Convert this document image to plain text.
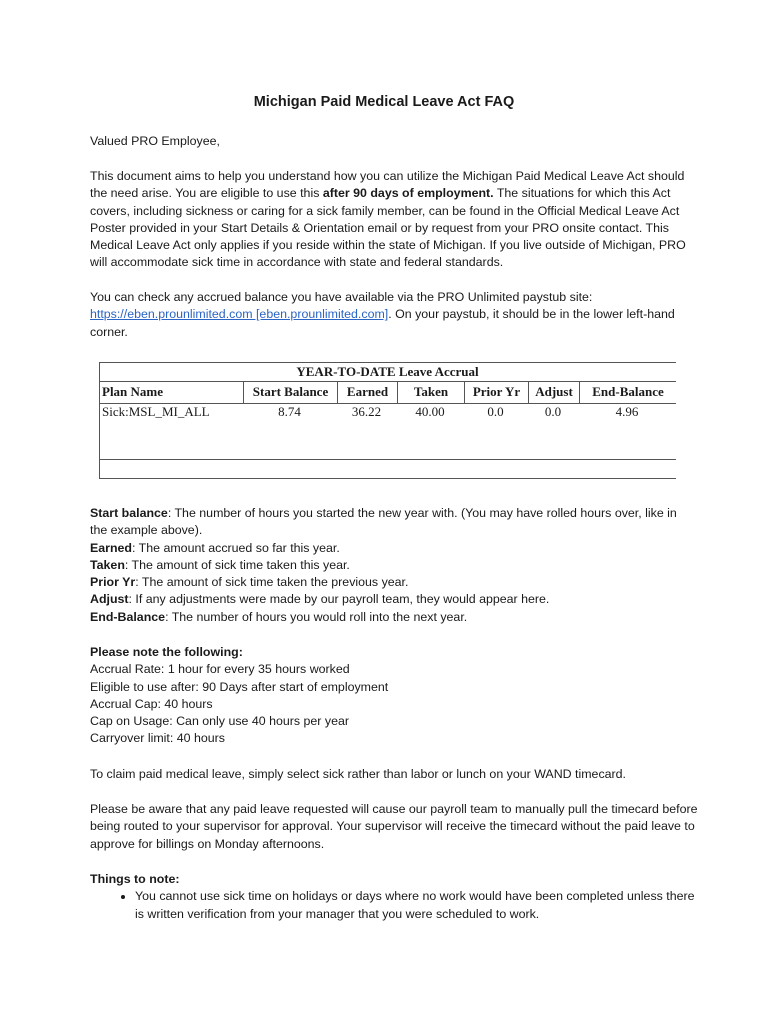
Michigan Paid Medical Leave Act FAQ

Valued PRO Employee,

This document aims to help you understand how you can utilize the Michigan Paid Medical Leave Act should the need arise. You are eligible to use this after 90 days of employment. The situations for which this Act covers, including sickness or caring for a sick family member, can be found in the Official Medical Leave Act Poster provided in your Start Details & Orientation email or by request from your PRO onsite contact. This Medical Leave Act only applies if you reside within the state of Michigan. If you live outside of Michigan, PRO will accommodate sick time in accordance with state and federal standards.

You can check any accrued balance you have available via the PRO Unlimited paystub site: https://eben.prounlimited.com [eben.prounlimited.com]. On your paystub, it should be in the lower left-hand corner.

YEAR-TO-DATE Leave Accrual
Plan Name	Start Balance	Earned	Taken	Prior Yr	Adjust	End-Balance
Sick:MSL_MI_ALL	8.74	36.22	40.00	0.0	0.0	4.96

Start balance: The number of hours you started the new year with. (You may have rolled hours over, like in the example above).

Earned: The amount accrued so far this year.

Taken: The amount of sick time taken this year.

Prior Yr: The amount of sick time taken the previous year.

Adjust: If any adjustments were made by our payroll team, they would appear here.

End-Balance: The number of hours you would roll into the next year.

Please note the following:

Accrual Rate: 1 hour for every 35 hours worked

Eligible to use after: 90 Days after start of employment

Accrual Cap: 40 hours

Cap on Usage: Can only use 40 hours per year

Carryover limit: 40 hours

To claim paid medical leave, simply select sick rather than labor or lunch on your WAND timecard.

Please be aware that any paid leave requested will cause our payroll team to manually pull the timecard before being routed to your supervisor for approval. Your supervisor will receive the timecard without the paid leave to approve for billings on Monday afternoons.

Things to note:

• You cannot use sick time on holidays or days where no work would have been completed unless there is written verification from your manager that you were scheduled to work.
